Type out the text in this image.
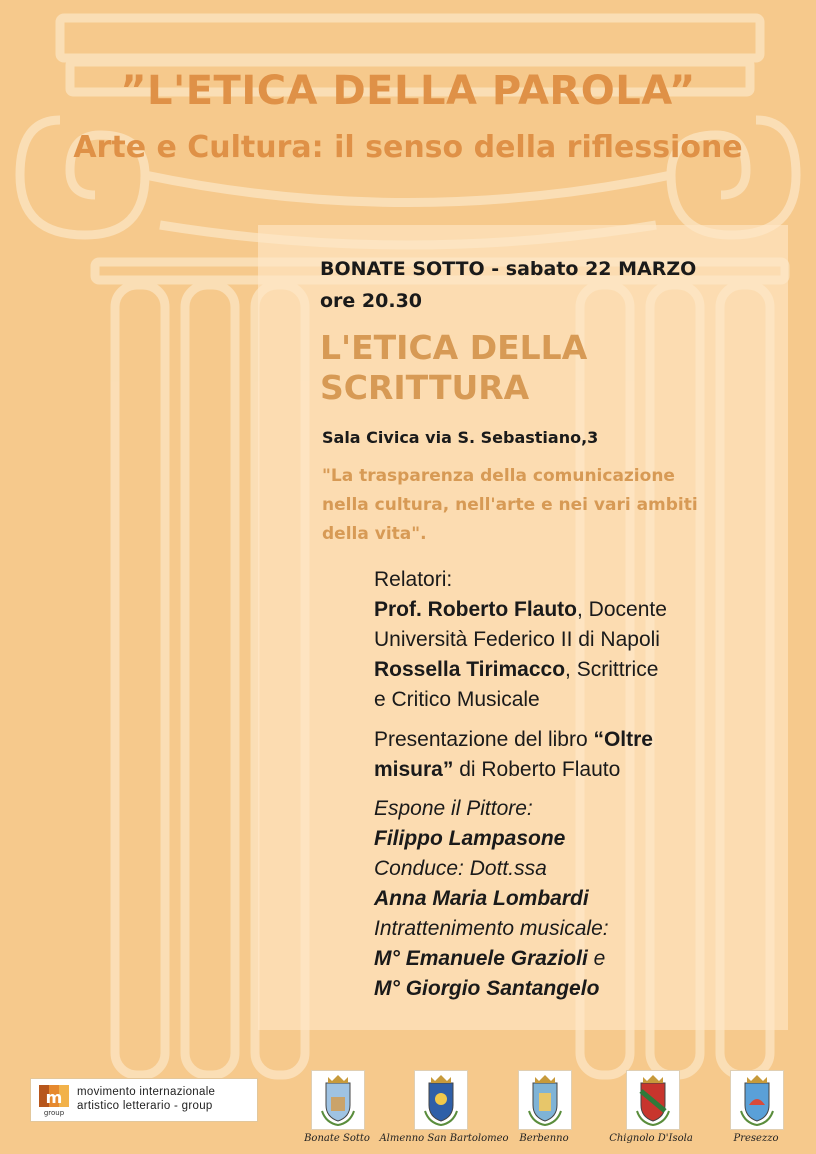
”L'ETICA DELLA PAROLA”
Arte e Cultura: il senso della riflessione
BONATE SOTTO - sabato 22 MARZO
ore 20.30
L'ETICA DELLA
SCRITTURA
Sala Civica via S. Sebastiano,3
"La trasparenza della comunicazione
nella cultura, nell'arte e nei vari ambiti
della vita".
Relatori:
Prof. Roberto Flauto, Docente
Università Federico II di Napoli
Rossella Tirimacco, Scrittrice
e Critico Musicale
Presentazione del libro “Oltre
misura” di Roberto Flauto
Espone il Pittore:
Filippo Lampasone
Conduce: Dott.ssa
Anna Maria Lombardi
Intrattenimento musicale:
M° Emanuele Grazioli e
M° Giorgio Santangelo
m
group
movimento internazionale
artistico letterario - group
Bonate Sotto Almenno San Bartolomeo	Berbenno	Chignolo D'Isola	Presezzo
